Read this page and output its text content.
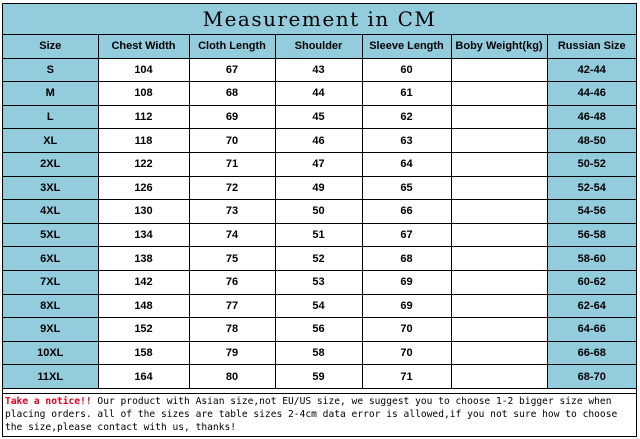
Measurement in CM
Size	Chest Width	Cloth Length	Shoulder	Sleeve Length	Boby Weight(kg)	Russian Size
S	104	67	43	60		42-44
M	108	68	44	61		44-46
L	112	69	45	62		46-48
XL	118	70	46	63		48-50
2XL	122	71	47	64		50-52
3XL	126	72	49	65		52-54
4XL	130	73	50	66		54-56
5XL	134	74	51	67		56-58
6XL	138	75	52	68		58-60
7XL	142	76	53	69		60-62
8XL	148	77	54	69		62-64
9XL	152	78	56	70		64-66
10XL	158	79	58	70		66-68
11XL	164	80	59	71		68-70
Take a notice!! Our product with Asian size,not EU/US size, we suggest you to choose 1-2 bigger size when placing orders. all of the sizes are table sizes 2-4cm data error is allowed,if you not sure how to choose the size,please contact with us, thanks!
